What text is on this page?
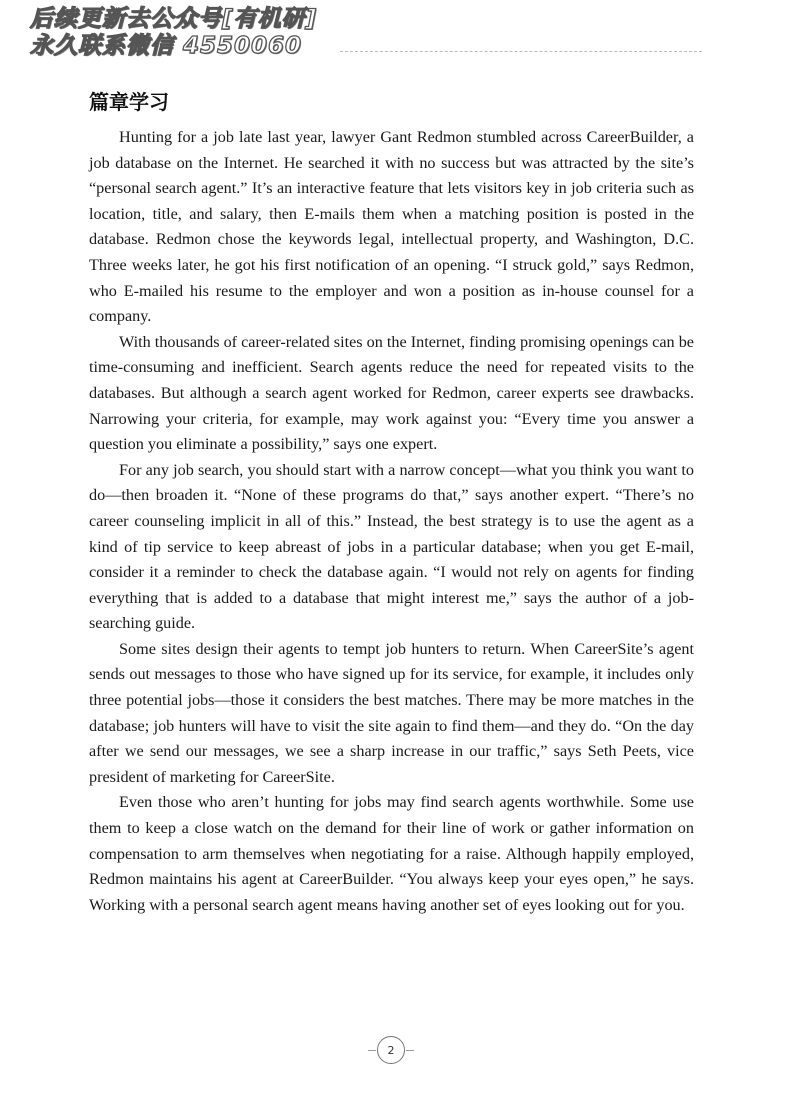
后续更新去公众号[有机研]
永久联系微信 4550060
篇章学习

Hunting for a job late last year, lawyer Gant Redmon stumbled across CareerBuilder, a job database on the Internet. He searched it with no success but was attracted by the site’s “personal search agent.” It’s an interactive feature that lets visitors key in job criteria such as location, title, and salary, then E-mails them when a matching position is posted in the database. Redmon chose the keywords legal, intellectual property, and Washington, D.C. Three weeks later, he got his first notification of an opening. “I struck gold,” says Redmon, who E-mailed his resume to the employer and won a position as in-house counsel for a company.

With thousands of career-related sites on the Internet, finding promising openings can be time-consuming and inefficient. Search agents reduce the need for repeated visits to the databases. But although a search agent worked for Redmon, career experts see drawbacks. Narrowing your criteria, for example, may work against you: “Every time you answer a question you eliminate a possibility,” says one expert.

For any job search, you should start with a narrow concept—what you think you want to do—then broaden it. “None of these programs do that,” says another expert. “There’s no career counseling implicit in all of this.” Instead, the best strategy is to use the agent as a kind of tip service to keep abreast of jobs in a particular database; when you get E-mail, consider it a reminder to check the database again. “I would not rely on agents for finding everything that is added to a database that might interest me,” says the author of a job-searching guide.

Some sites design their agents to tempt job hunters to return. When CareerSite’s agent sends out messages to those who have signed up for its service, for example, it includes only three potential jobs—those it considers the best matches. There may be more matches in the database; job hunters will have to visit the site again to find them—and they do. “On the day after we send our messages, we see a sharp increase in our traffic,” says Seth Peets, vice president of marketing for CareerSite.

Even those who aren’t hunting for jobs may find search agents worthwhile. Some use them to keep a close watch on the demand for their line of work or gather information on compensation to arm themselves when negotiating for a raise. Although happily employed, Redmon maintains his agent at CareerBuilder. “You always keep your eyes open,” he says. Working with a personal search agent means having another set of eyes looking out for you.

2
